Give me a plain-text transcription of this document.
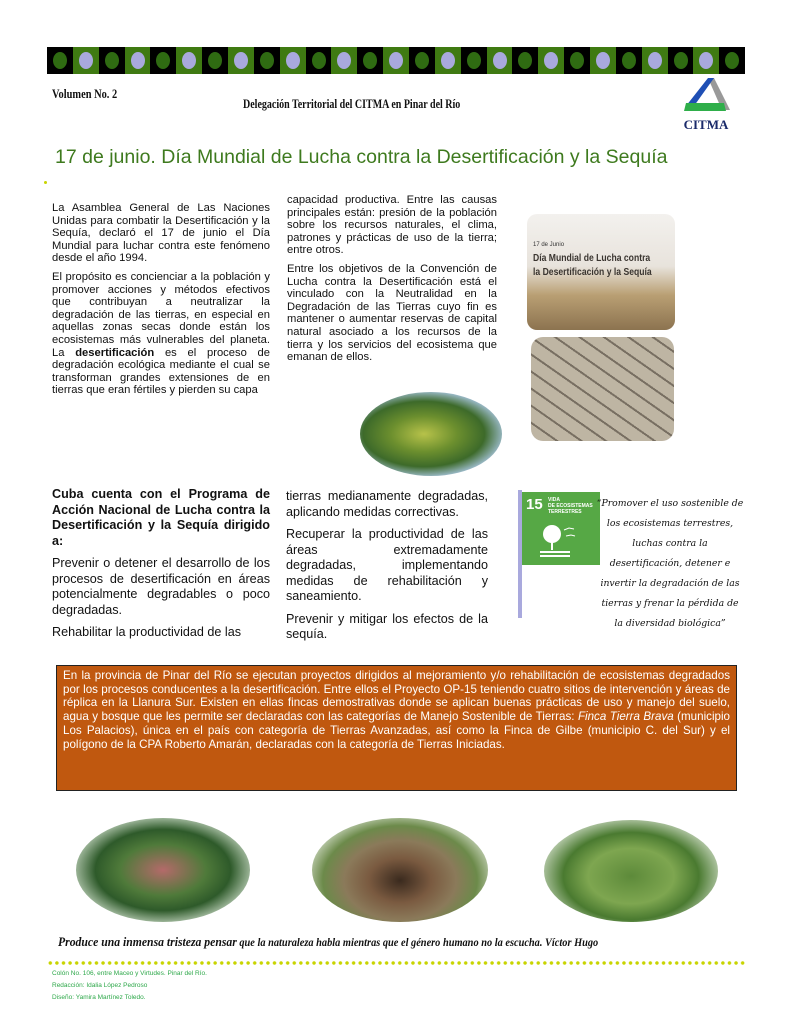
Volumen No. 2
Delegación Territorial del CITMA en Pinar del Río
CITMA
17 de junio. Día Mundial de Lucha contra la Desertificación y la Sequía

La Asamblea General de Las Naciones Unidas para combatir la Desertificación y la Sequía, declaró el 17 de junio el Día Mundial para luchar contra este fenómeno desde el año 1994.

El propósito es concienciar a la población y promover acciones y métodos efectivos que contribuyan a neutralizar la degradación de las tierras, en especial en aquellas zonas secas donde están los ecosistemas más vulnerables del planeta. La desertificación es el proceso de degradación ecológica mediante el cual se transforman grandes extensiones de en tierras que eran fértiles y pierden su capa

capacidad productiva. Entre las causas principales están: presión de la población sobre los recursos naturales, el clima, patrones y prácticas de uso de la tierra; entre otros.

Entre los objetivos de la Convención de Lucha contra la Desertificación está el vinculado con la Neutralidad en la Degradación de las Tierras cuyo fin es mantener o aumentar reservas de capital natural asociado a los recursos de la tierra y los servicios del ecosistema que emanan de ellos.

17 de Junio
Día Mundial de Lucha contra
la Desertificación y la Sequía

Cuba cuenta con el Programa de Acción Nacional de Lucha contra la Desertificación y la Sequía dirigido a:

Prevenir o detener el desarrollo de los procesos de desertificación en áreas potencialmente degradables o poco degradadas.

Rehabilitar la productividad de las

tierras medianamente degradadas, aplicando medidas correctivas.

Recuperar la productividad de las áreas extremadamente degradadas, implementando medidas de rehabilitación y saneamiento.

Prevenir y mitigar los efectos de la sequía.

15 VIDA
DE ECOSISTEMAS
TERRESTRES
“Promover el uso sostenible de los ecosistemas terrestres, luchas contra la desertificación, detener e invertir la degradación de las tierras y frenar la pérdida de la diversidad biológica”
En la provincia de Pinar del Río se ejecutan proyectos dirigidos al mejoramiento y/o rehabilitación de ecosistemas degradados por los procesos conducentes a la desertificación. Entre ellos el Proyecto OP-15 teniendo cuatro sitios de intervención y áreas de réplica en la Llanura Sur. Existen en ellas fincas demostrativas donde se aplican buenas prácticas de uso y manejo del suelo, agua y bosque que les permite ser declaradas con las categorías de Manejo Sostenible de Tierras: Finca Tierra Brava (municipio Los Palacios), única en el país con categoría de Tierras Avanzadas, así como la Finca de Gilbe (municipio C. del Sur) y el polígono de la CPA Roberto Amarán, declaradas con la categoría de Tierras Iniciadas.
Produce una inmensa tristeza pensar que la naturaleza habla mientras que el género humano no la escucha. Víctor Hugo
Colón No. 106, entre Maceo y Virtudes. Pinar del Río.
Redacción: Idalia López Pedroso
Diseño: Yamira Martínez Toledo.
